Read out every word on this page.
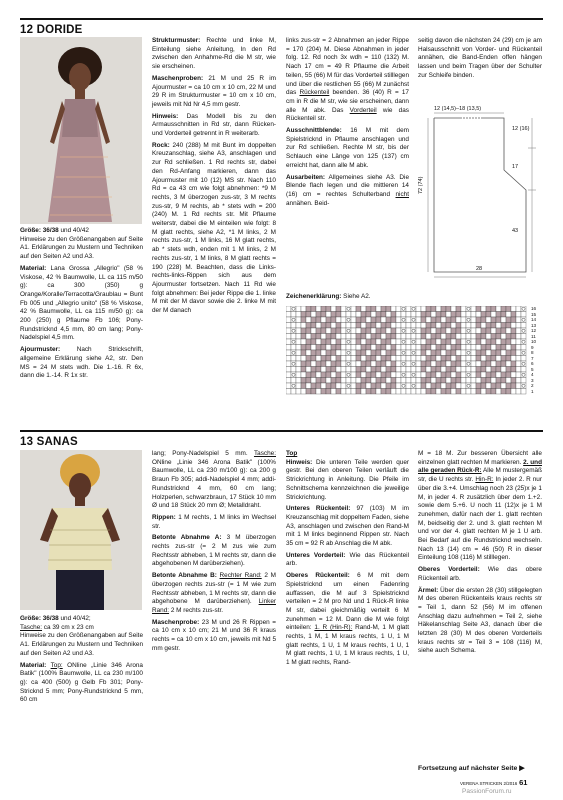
12 DORIDE

Größe: 36/38 und 40/42
Hinweise zu den Größenangaben auf Seite A1. Erklärungen zu Mustern und Techniken auf den Seiten A2 und A3.

Material: Lana Grossa „Allegrio" (58 % Viskose, 42 % Baumwolle, LL ca 115 m/50 g): ca 300 (350) g Orange/Koralle/Terracotta/Graublau = Bunt Fb 005 und „Allegrio unito" (58 % Viskose, 42 % Baumwolle, LL ca 115 m/50 g): ca 200 (250) g Pflaume Fb 106; Pony-Rundstricknd 4,5 mm, 80 cm lang; Pony-Nadelspiel 4,5 mm.

Ajourmuster: Nach Strickschrift, allgemeine Erklärung siehe A2, str. Den MS = 24 M stets wdh. Die 1.-16. R 6x, dann die 1.-14. R 1x str.

Strukturmuster: Rechte und linke M, Einteilung siehe Anleitung, In den Rd zwischen den Anhahme-Rd die M str, wie sie erscheinen.

Maschenproben: 21 M und 25 R im Ajourmuster = ca 10 cm x 10 cm, 22 M und 29 R im Strukturmuster = 10 cm x 10 cm, jeweils mit Nd Nr 4,5 mm gestr.

Hinweis: Das Modell bis zu den Armausschnitten in Rd str, dann Rücken- und Vorderteil getrennt in R weiterarb.

Rock: 240 (288) M mit Bunt im doppelten Kreuzanschlag, siehe A3, anschlagen und zur Rd schließen. 1 Rd rechts str, dabei den Rd-Anfang markieren, dann das Ajourmuster mit 10 (12) MS str. Nach 110 Rd = ca 43 cm wie folgt abnehmen: *9 M rechts, 3 M überzogen zus-str, 3 M rechts zus-str, 9 M rechts, ab * stets wdh = 200 (240) M. 1 Rd rechts str. Mit Pflaume weiterstr, dabei die M einteilen wie folgt: 8 M glatt rechts, siehe A2, *1 M links, 2 M rechts zus-str, 1 M links, 16 M glatt rechts, ab * stets wdh, enden mit 1 M links, 2 M rechts zus-str, 1 M links, 8 M glatt rechts = 190 (228) M. Beachten, dass die Links-rechts-links-Rippen sich aus dem Ajourmuster fortsetzen. Nach 11 Rd wie folgt abnehmen: Bei jeder Rippe die 1. linke M mit der M davor sowie die 2. linke M mit der M danach

links zus-str = 2 Abnahmen an jeder Rippe = 170 (204) M. Diese Abnahmen in jeder folg. 12. Rd noch 3x wdh = 110 (132) M. Nach 17 cm = 49 R Pflaume die Arbeit teilen, 55 (66) M für das Vorderteil stilllegen und über die restlichen 55 (66) M zunächst das Rückenteil beenden. 36 (40) R = 17 cm in R die M str, wie sie erscheinen, dann alle M abk. Das Vorderteil wie das Rückenteil str.

Ausschnittblende: 16 M mit dem Spielstricknd in Pflaume anschlagen und zur Rd schließen. Rechte M str, bis der Schlauch eine Länge von 125 (137) cm erreicht hat, dann alle M abk.

Ausarbeiten: Allgemeines siehe A3. Die Blende flach legen und die mittleren 14 (16) cm = rechtes Schulterband nicht annähen. Beid-

seitig davon die nächsten 24 (29) cm je am Halsausschnitt von Vorder- und Rückenteil annähen, die Band-Enden offen hängen lassen und beim Tragen über der Schulter zur Schleife binden.

12 (14,5)–18 (13,5)
12 (16)
17
43
72 (74)
28
Zeichenerklärung: Siehe A2.
16
15
14
13
12
11
10
9
8
7
6
5
4
3
2
1
13 SANAS

Größe: 36/38 und 40/42;
Tasche: ca 39 cm x 23 cm
Hinweise zu den Größenangaben auf Seite A1. Erklärungen zu Mustern und Techniken auf den Seiten A2 und A3.

Material: Top: ONline „Linie 346 Arona Batik" (100% Baumwolle, LL ca 230 m/100 g): ca 400 (500) g Gelb Fb 301; Pony-Stricknd 5 mm; Pony-Rundstricknd 5 mm, 60 cm

lang; Pony-Nadelspiel 5 mm. Tasche: ONline „Linie 346 Arona Batik" (100% Baumwolle, LL ca 230 m/100 g): ca 200 g Braun Fb 305; addi-Nadelspiel 4 mm; addi-Rundstricknd 4 mm, 60 cm lang; Holzperlen, schwarzbraun, 17 Stück 10 mm Ø und 18 Stück 20 mm Ø; Metalldraht.

Rippen: 1 M rechts, 1 M links im Wechsel str.

Betonte Abnahme A: 3 M überzogen rechts zus-str (= 2 M zus wie zum Rechtsstr abheben, 1 M rechts str, dann die abgehobenen M darüberziehen).

Betonte Abnahme B: Rechter Rand: 2 M überzogen rechts zus-str (= 1 M wie zum Rechtsstr abheben, 1 M rechts str, dann die abgehobene M darüberziehen). Linker Rand: 2 M rechts zus-str.

Maschenprobe: 23 M und 26 R Rippen = ca 10 cm x 10 cm; 21 M und 36 R kraus rechts = ca 10 cm x 10 cm, jeweils mit Nd 5 mm gestr.

Top
Hinweis: Die unteren Teile werden quer gestr. Bei den oberen Teilen verläuft die Strickrichtung in Anleitung. Die Pfeile im Schnittschema kennzeichnen die jeweilige Strickrichtung.

Unteres Rückenteil: 97 (103) M im Kreuzanschlag mit doppeltem Faden, siehe A3, anschlagen und zwischen den Rand-M mit 1 M links beginnend Rippen str. Nach 35 cm = 92 R ab Anschlag die M abk.

Unteres Vorderteil: Wie das Rückenteil arb.

Oberes Rückenteil: 6 M mit dem Spielstricknd um einen Fadenring auffassen, die M auf 3 Spielstricknd verteilen = 2 M pro Nd und 1 Rück-R linke M str, dabei gleichmäßig verteilt 6 M zunehmen = 12 M. Dann die M wie folgt einteilen: 1. R (Hin-R): Rand-M, 1 M glatt rechts, 1 M, 1 M kraus rechts, 1 U, 1 M glatt rechts, 1 U, 1 M kraus rechts, 1 U, 1 M glatt rechts, 1 U, 1 M kraus rechts, 1 U, 1 M glatt rechts, Rand-

M = 18 M. Zur besseren Übersicht alle einzelnen glatt rechten M markieren. 2. und alle geraden Rück-R: Alle M mustergemäß str, die U rechts str. Hin-R: In jeder 2. R nur über die 3.+4. Umschlag noch 23 (25)x je 1 M, in jeder 4. R zusätzlich über dem 1.+2. sowie dem 5.+6. U noch 11 (12)x je 1 M zunehmen, dafür nach der 1. glatt rechten M, beidseitig der 2. und 3. glatt rechten M und vor der 4. glatt rechten M je 1 U arb. Bei Bedarf auf die Rundstricknd wechseln. Nach 13 (14) cm = 46 (50) R in dieser Einteilung 108 (116) M stilllegen.

Oberes Vorderteil: Wie das obere Rückenteil arb.

Ärmel: Über die ersten 28 (30) stillgelegten M des oberen Rückenteils kraus rechts str = Teil 1, dann 52 (56) M im offenen Anschlag dazu aufnehmen = Teil 2, siehe Häkelanschlag Seite A3, danach über die letzten 28 (30) M des oberen Vorderteils kraus rechts str = Teil 3 = 108 (116) M, siehe auch Schema.

Fortsetzung auf nächster Seite ▶
VERENA STRICKEN 2/2016 61
PassionForum.ru
